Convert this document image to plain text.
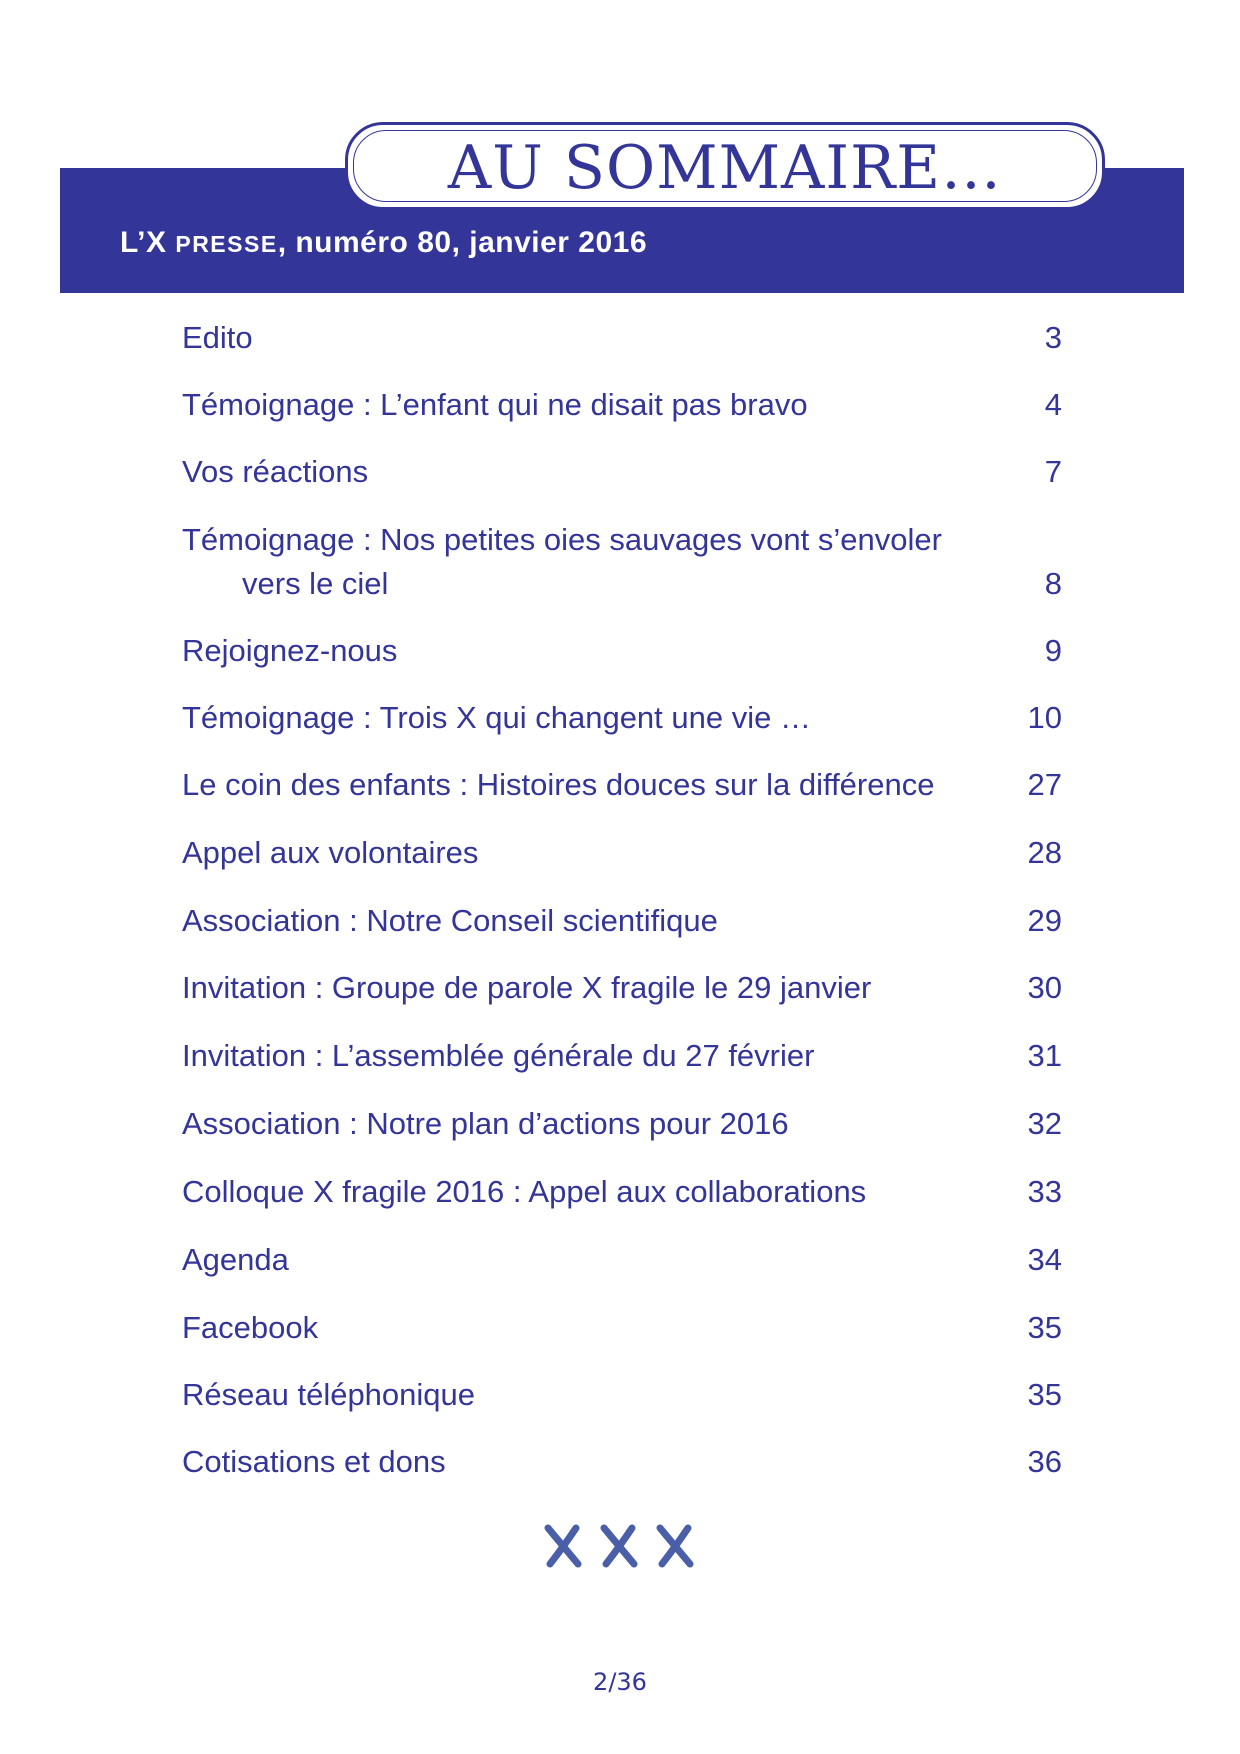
AU SOMMAIRE…
L’X PRESSE, numéro 80, janvier 2016
Edito	3
Témoignage : L’enfant qui ne disait pas bravo	4
Vos réactions	7
Témoignage : Nos petites oies sauvages vont s’envoler
vers le ciel	8
Rejoignez-nous	9
Témoignage : Trois X qui changent une vie …	10
Le coin des enfants : Histoires douces sur la différence	27
Appel aux volontaires	28
Association : Notre Conseil scientifique	29
Invitation : Groupe de parole X fragile le 29 janvier	30
Invitation : L’assemblée générale du 27 février	31
Association : Notre plan d’actions pour 2016	32
Colloque X fragile 2016 : Appel aux collaborations	33
Agenda	34
Facebook	35
Réseau téléphonique	35
Cotisations et dons	36
2/36
